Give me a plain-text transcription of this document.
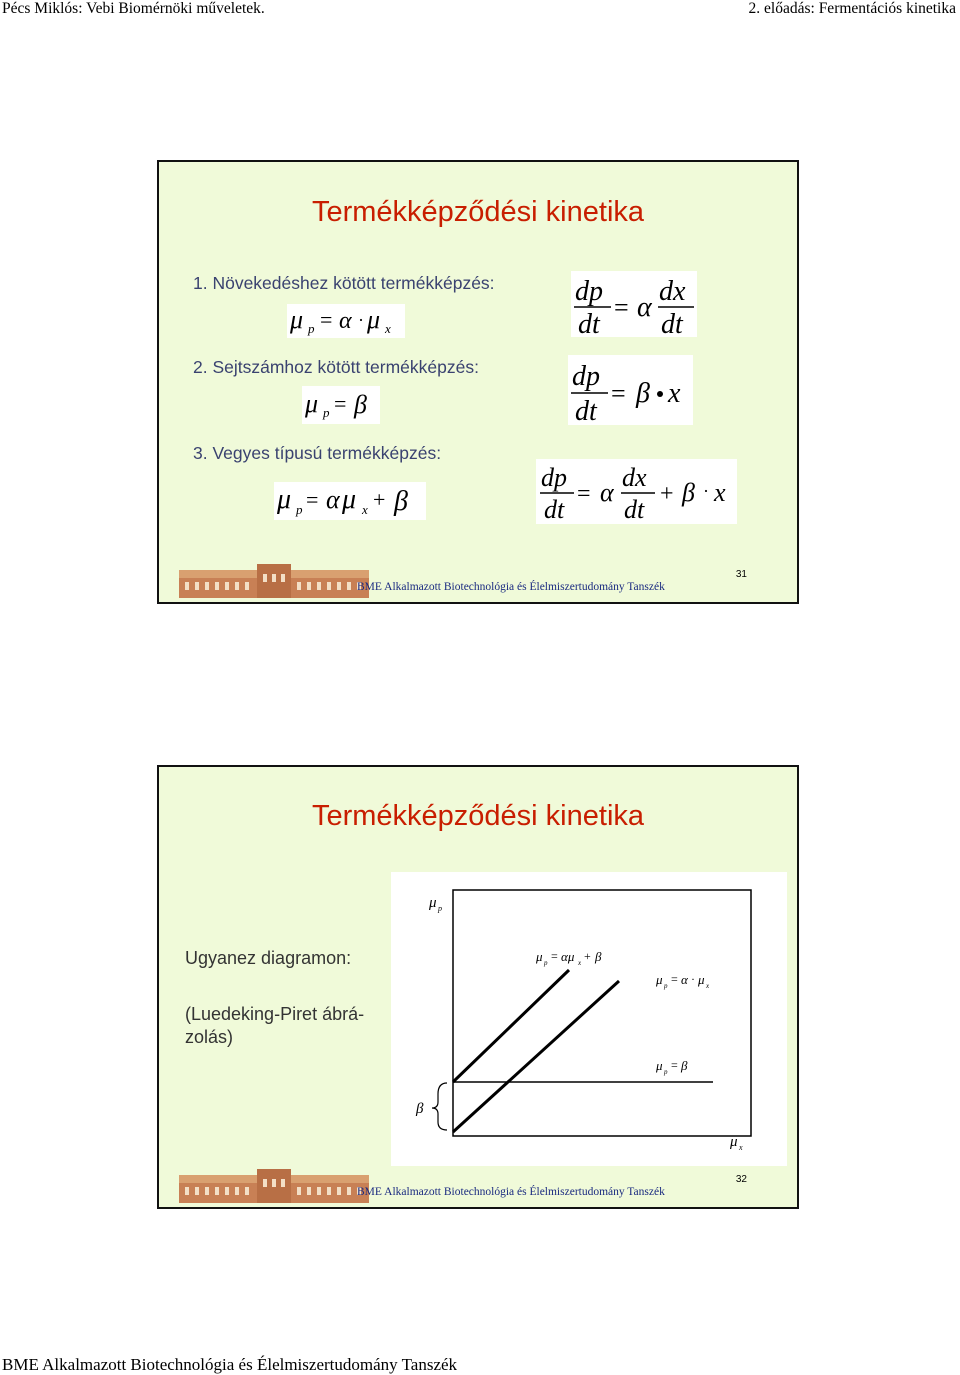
Pécs Miklós: Vebi Biomérnöki műveletek.	2. előadás: Fermentációs kinetika
Termékképződési kinetika
1. Növekedéshez kötött termékképzés:
2. Sejtszámhoz kötött termékképzés:
3. Vegyes típusú termékképzés:
μ p = α · μ x
dp
dt
= α
dx
dt
μ p = β
dp
dt
= β x
μ p = α μ x + β
dp
dt
= α
dx
dt
+ β · x
BME Alkalmazott Biotechnológia és Élelmiszertudomány Tanszék
31
Termékképződési kinetika
Ugyanez diagramon:
(Luedeking-Piret ábrá-
zolás)
μ p
μ x
β
μ p = αμ x + β
μ p = α · μ x
μ p = β
BME Alkalmazott Biotechnológia és Élelmiszertudomány Tanszék
32
BME Alkalmazott Biotechnológia és Élelmiszertudomány Tanszék
